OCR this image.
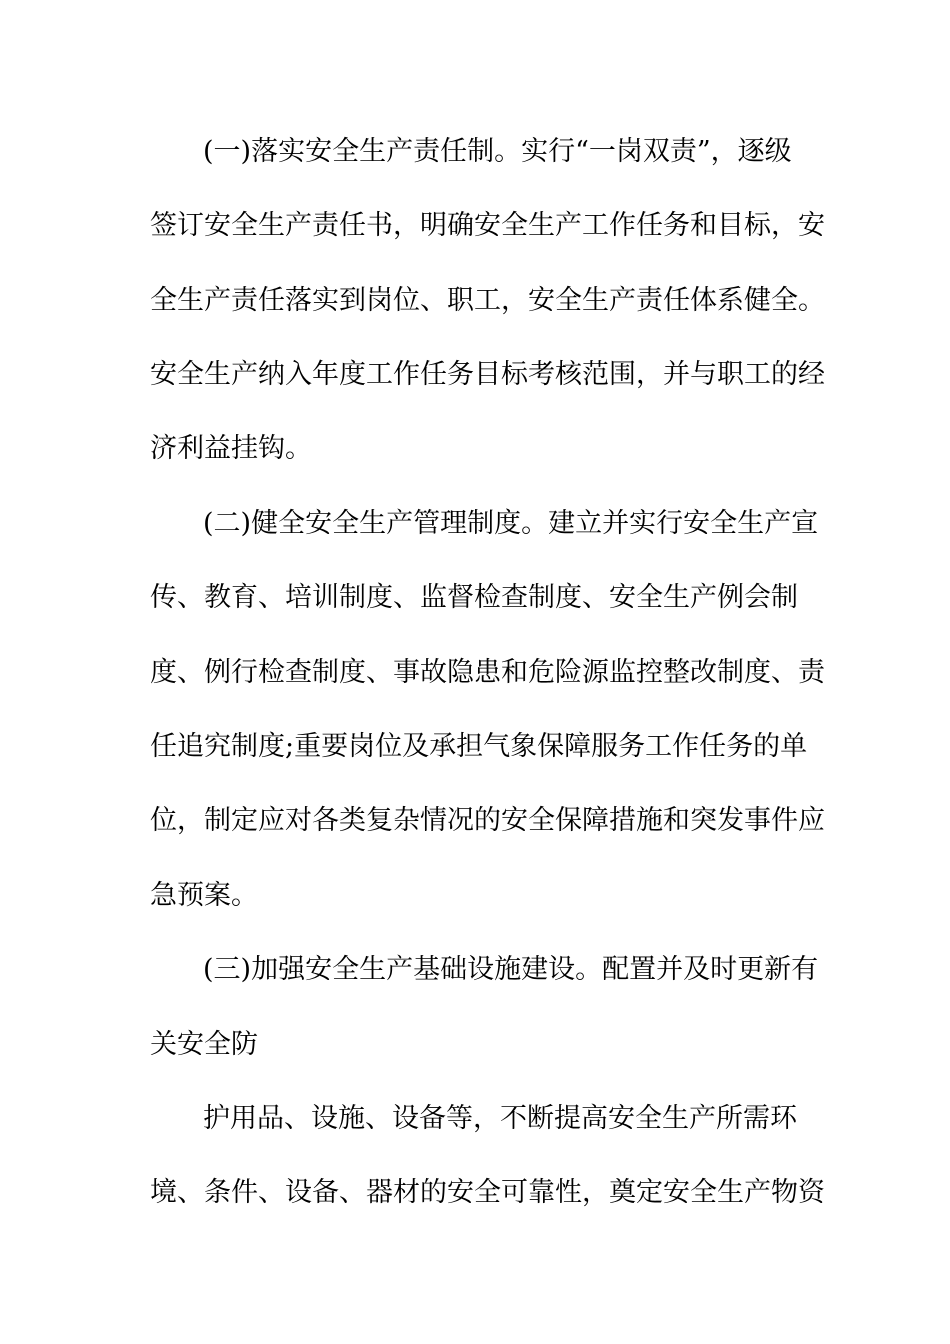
(一)落实安全生产责任制。实行“一岗双责”，逐级
签订安全生产责任书，明确安全生产工作任务和目标，安
全生产责任落实到岗位、职工，安全生产责任体系健全。
安全生产纳入年度工作任务目标考核范围，并与职工的经
济利益挂钩。
(二)健全安全生产管理制度。建立并实行安全生产宣
传、教育、培训制度、监督检查制度、安全生产例会制
度、例行检查制度、事故隐患和危险源监控整改制度、责
任追究制度;重要岗位及承担气象保障服务工作任务的单
位，制定应对各类复杂情况的安全保障措施和突发事件应
急预案。
(三)加强安全生产基础设施建设。配置并及时更新有
关安全防
护用品、设施、设备等，不断提高安全生产所需环
境、条件、设备、器材的安全可靠性，奠定安全生产物资
